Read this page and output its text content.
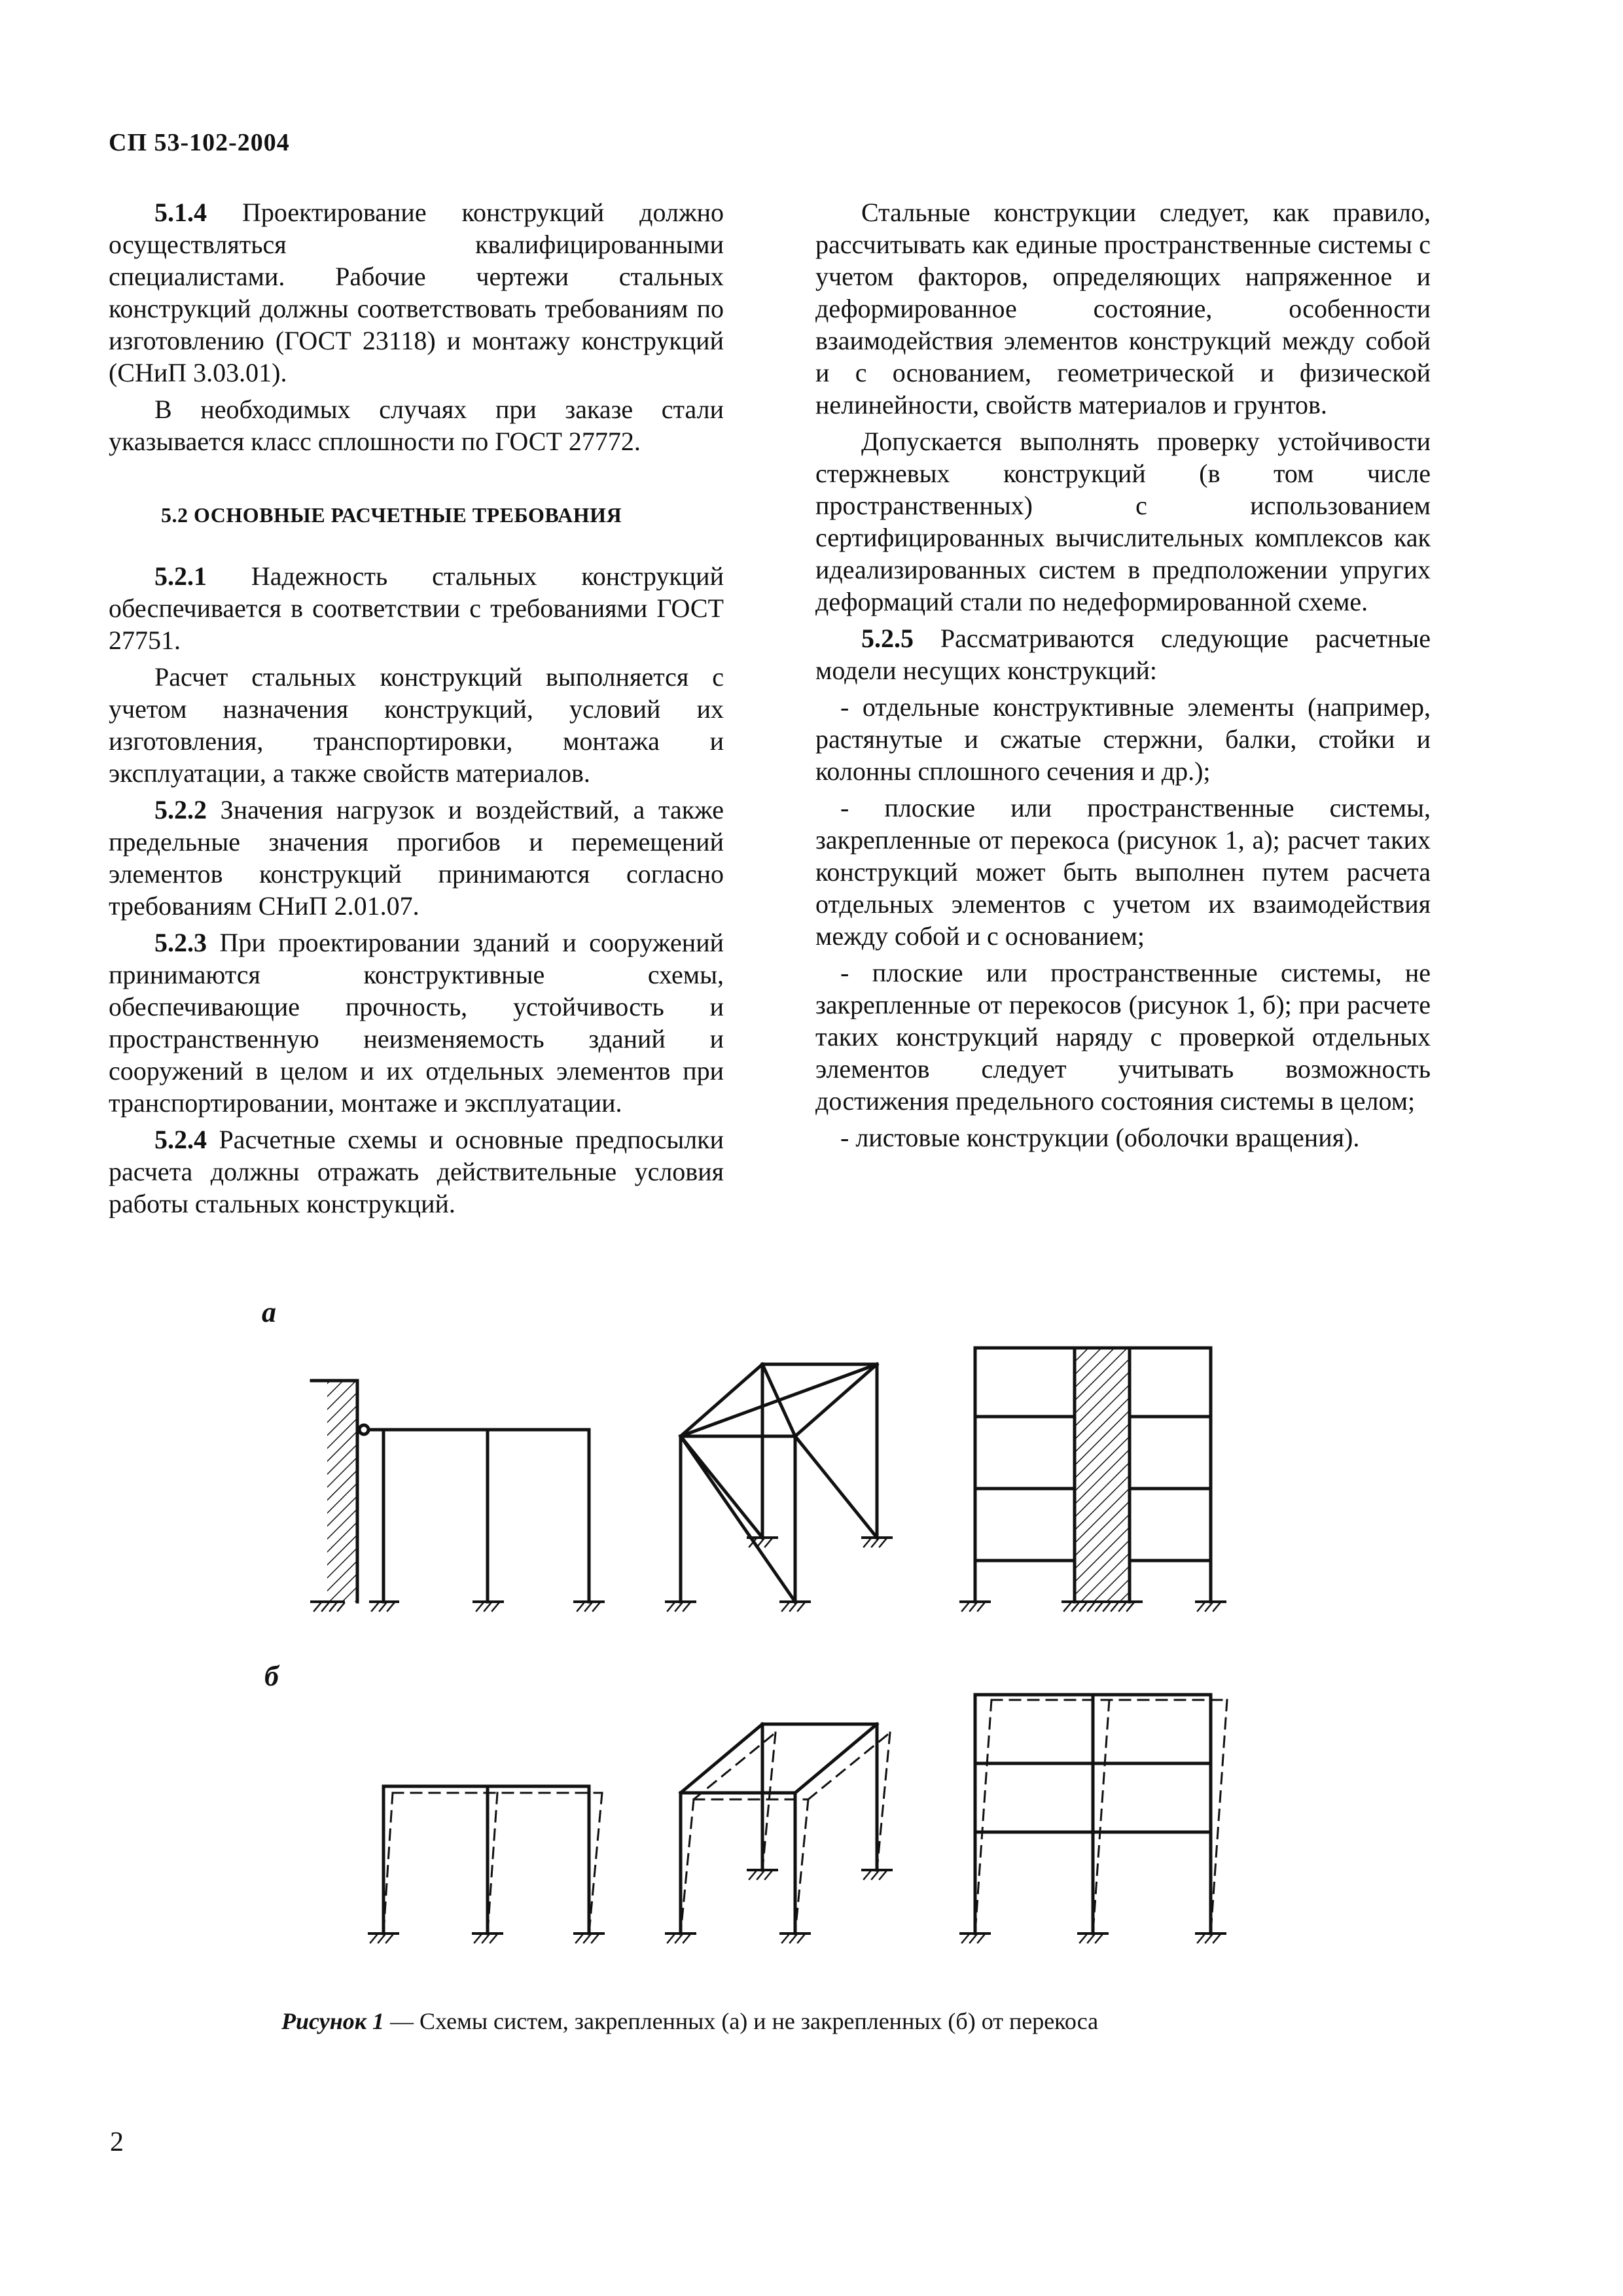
СП 53-102-2004

5.1.4 Проектирование конструкций должно осуществляться квалифицированными специалистами. Рабочие чертежи стальных конструкций должны соответствовать требованиям по изготовлению (ГОСТ 23118) и монтажу конструкций (СНиП 3.03.01).

В необходимых случаях при заказе стали указывается класс сплошности по ГОСТ 27772.

5.2 ОСНОВНЫЕ РАСЧЕТНЫЕ ТРЕБОВАНИЯ

5.2.1 Надежность стальных конструкций обеспечивается в соответствии с требованиями ГОСТ 27751.

Расчет стальных конструкций выполняется с учетом назначения конструкций, условий их изготовления, транспортировки, монтажа и эксплуатации, а также свойств материалов.

5.2.2 Значения нагрузок и воздействий, а также предельные значения прогибов и перемещений элементов конструкций принимаются согласно требованиям СНиП 2.01.07.

5.2.3 При проектировании зданий и сооружений принимаются конструктивные схемы, обеспечивающие прочность, устойчивость и пространственную неизменяемость зданий и сооружений в целом и их отдельных элементов при транспортировании, монтаже и эксплуатации.

5.2.4 Расчетные схемы и основные предпосылки расчета должны отражать действительные условия работы стальных конструкций.

Стальные конструкции следует, как правило, рассчитывать как единые пространственные системы с учетом факторов, определяющих напряженное и деформированное состояние, особенности взаимодействия элементов конструкций между собой и с основанием, геометрической и физической нелинейности, свойств материалов и грунтов.

Допускается выполнять проверку устойчивости стержневых конструкций (в том числе пространственных) с использованием сертифицированных вычислительных комплексов как идеализированных систем в предположении упругих деформаций стали по недеформированной схеме.

5.2.5 Рассматриваются следующие расчетные модели несущих конструкций:

- отдельные конструктивные элементы (например, растянутые и сжатые стержни, балки, стойки и колонны сплошного сечения и др.);

- плоские или пространственные системы, закрепленные от перекоса (рисунок 1, а); расчет таких конструкций может быть выполнен путем расчета отдельных элементов с учетом их взаимодействия между собой и с основанием;

- плоские или пространственные системы, не закрепленные от перекосов (рисунок 1, б); при расчете таких конструкций наряду с проверкой отдельных элементов следует учитывать возможность достижения предельного состояния системы в целом;

- листовые конструкции (оболочки вращения).

а
б
Рисунок 1 — Схемы систем, закрепленных (а) и не закрепленных (б) от перекоса
2
